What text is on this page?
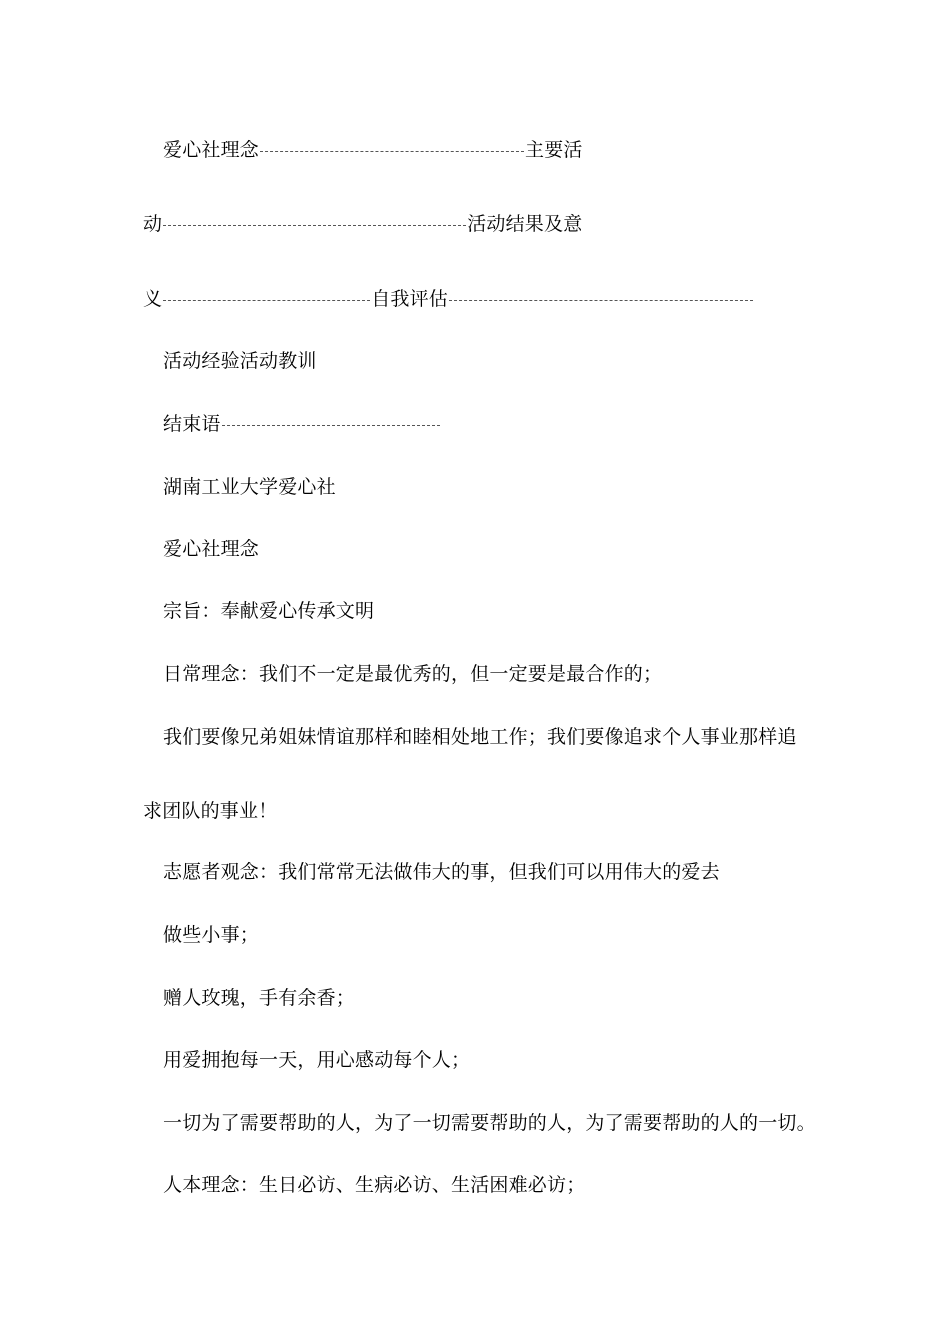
爱心社理念	主要活
动	活动结果及意
义	自我评估
活动经验活动教训
结束语
湖南工业大学爱心社
爱心社理念
宗旨：奉献爱心传承文明
日常理念：我们不一定是最优秀的，但一定要是最合作的；
我们要像兄弟姐妹情谊那样和睦相处地工作；我们要像追求个人事业那样追
求团队的事业！
志愿者观念：我们常常无法做伟大的事，但我们可以用伟大的爱去
做些小事；
赠人玫瑰，手有余香；
用爱拥抱每一天，用心感动每个人；
一切为了需要帮助的人，为了一切需要帮助的人，为了需要帮助的人的一切。
人本理念：生日必访、生病必访、生活困难必访；
